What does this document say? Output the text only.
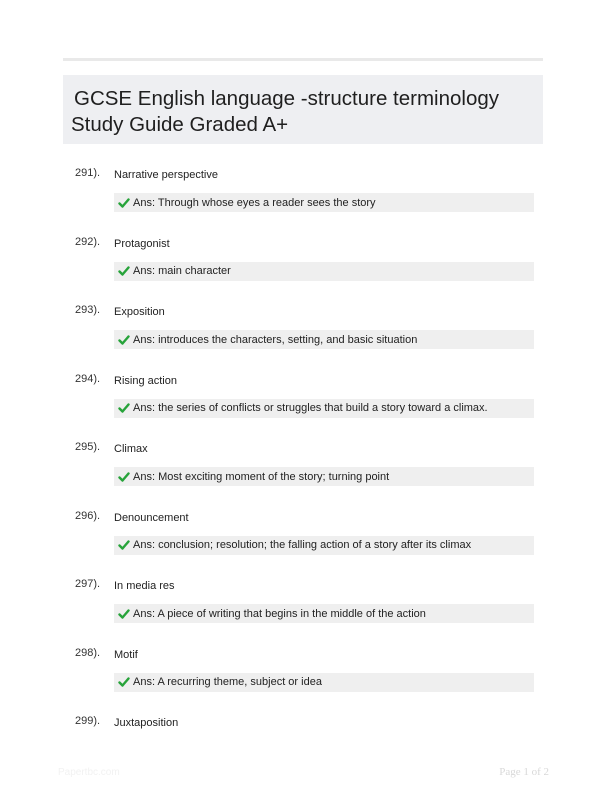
GCSE English language -structure terminology
Study Guide Graded A+
291). Narrative perspective
Ans: Through whose eyes a reader sees the story
292). Protagonist
Ans: main character
293). Exposition
Ans: introduces the characters, setting, and basic situation
294). Rising action
Ans: the series of conflicts or struggles that build a story toward a climax.
295). Climax
Ans: Most exciting moment of the story; turning point
296). Denouncement
Ans: conclusion; resolution; the falling action of a story after its climax
297). In media res
Ans: A piece of writing that begins in the middle of the action
298). Motif
Ans: A recurring theme, subject or idea
299). Juxtaposition
Papertbc.com	Page 1 of 2
